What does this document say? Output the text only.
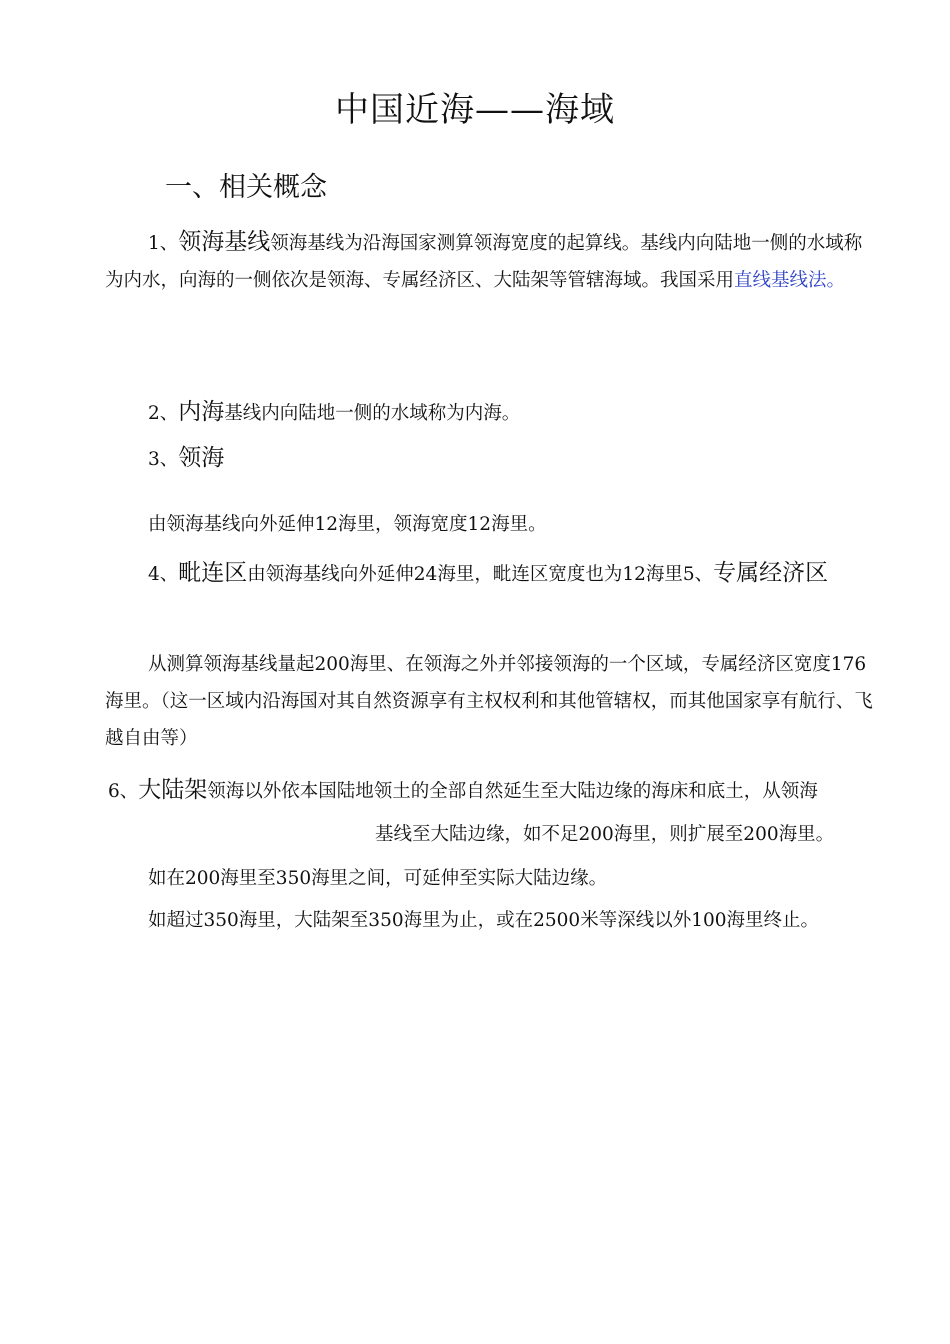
中国近海——海域
一、相关概念

1、领海基线领海基线为沿海国家测算领海宽度的起算线。基线内向陆地一侧的水域称为内水，向海的一侧依次是领海、专属经济区、大陆架等管辖海域。我国采用直线基线法。

2、内海基线内向陆地一侧的水域称为内海。

3、领海

由领海基线向外延伸12海里，领海宽度12海里。

4、毗连区由领海基线向外延伸24海里，毗连区宽度也为12海里5、专属经济区

从测算领海基线量起200海里、在领海之外并邻接领海的一个区域，专属经济区宽度176海里。（这一区域内沿海国对其自然资源享有主权权利和其他管辖权，而其他国家享有航行、飞越自由等）

6、大陆架领海以外依本国陆地领土的全部自然延生至大陆边缘的海床和底土，从领海

基线至大陆边缘，如不足200海里，则扩展至200海里。

如在200海里至350海里之间，可延伸至实际大陆边缘。

如超过350海里，大陆架至350海里为止，或在2500米等深线以外100海里终止。
